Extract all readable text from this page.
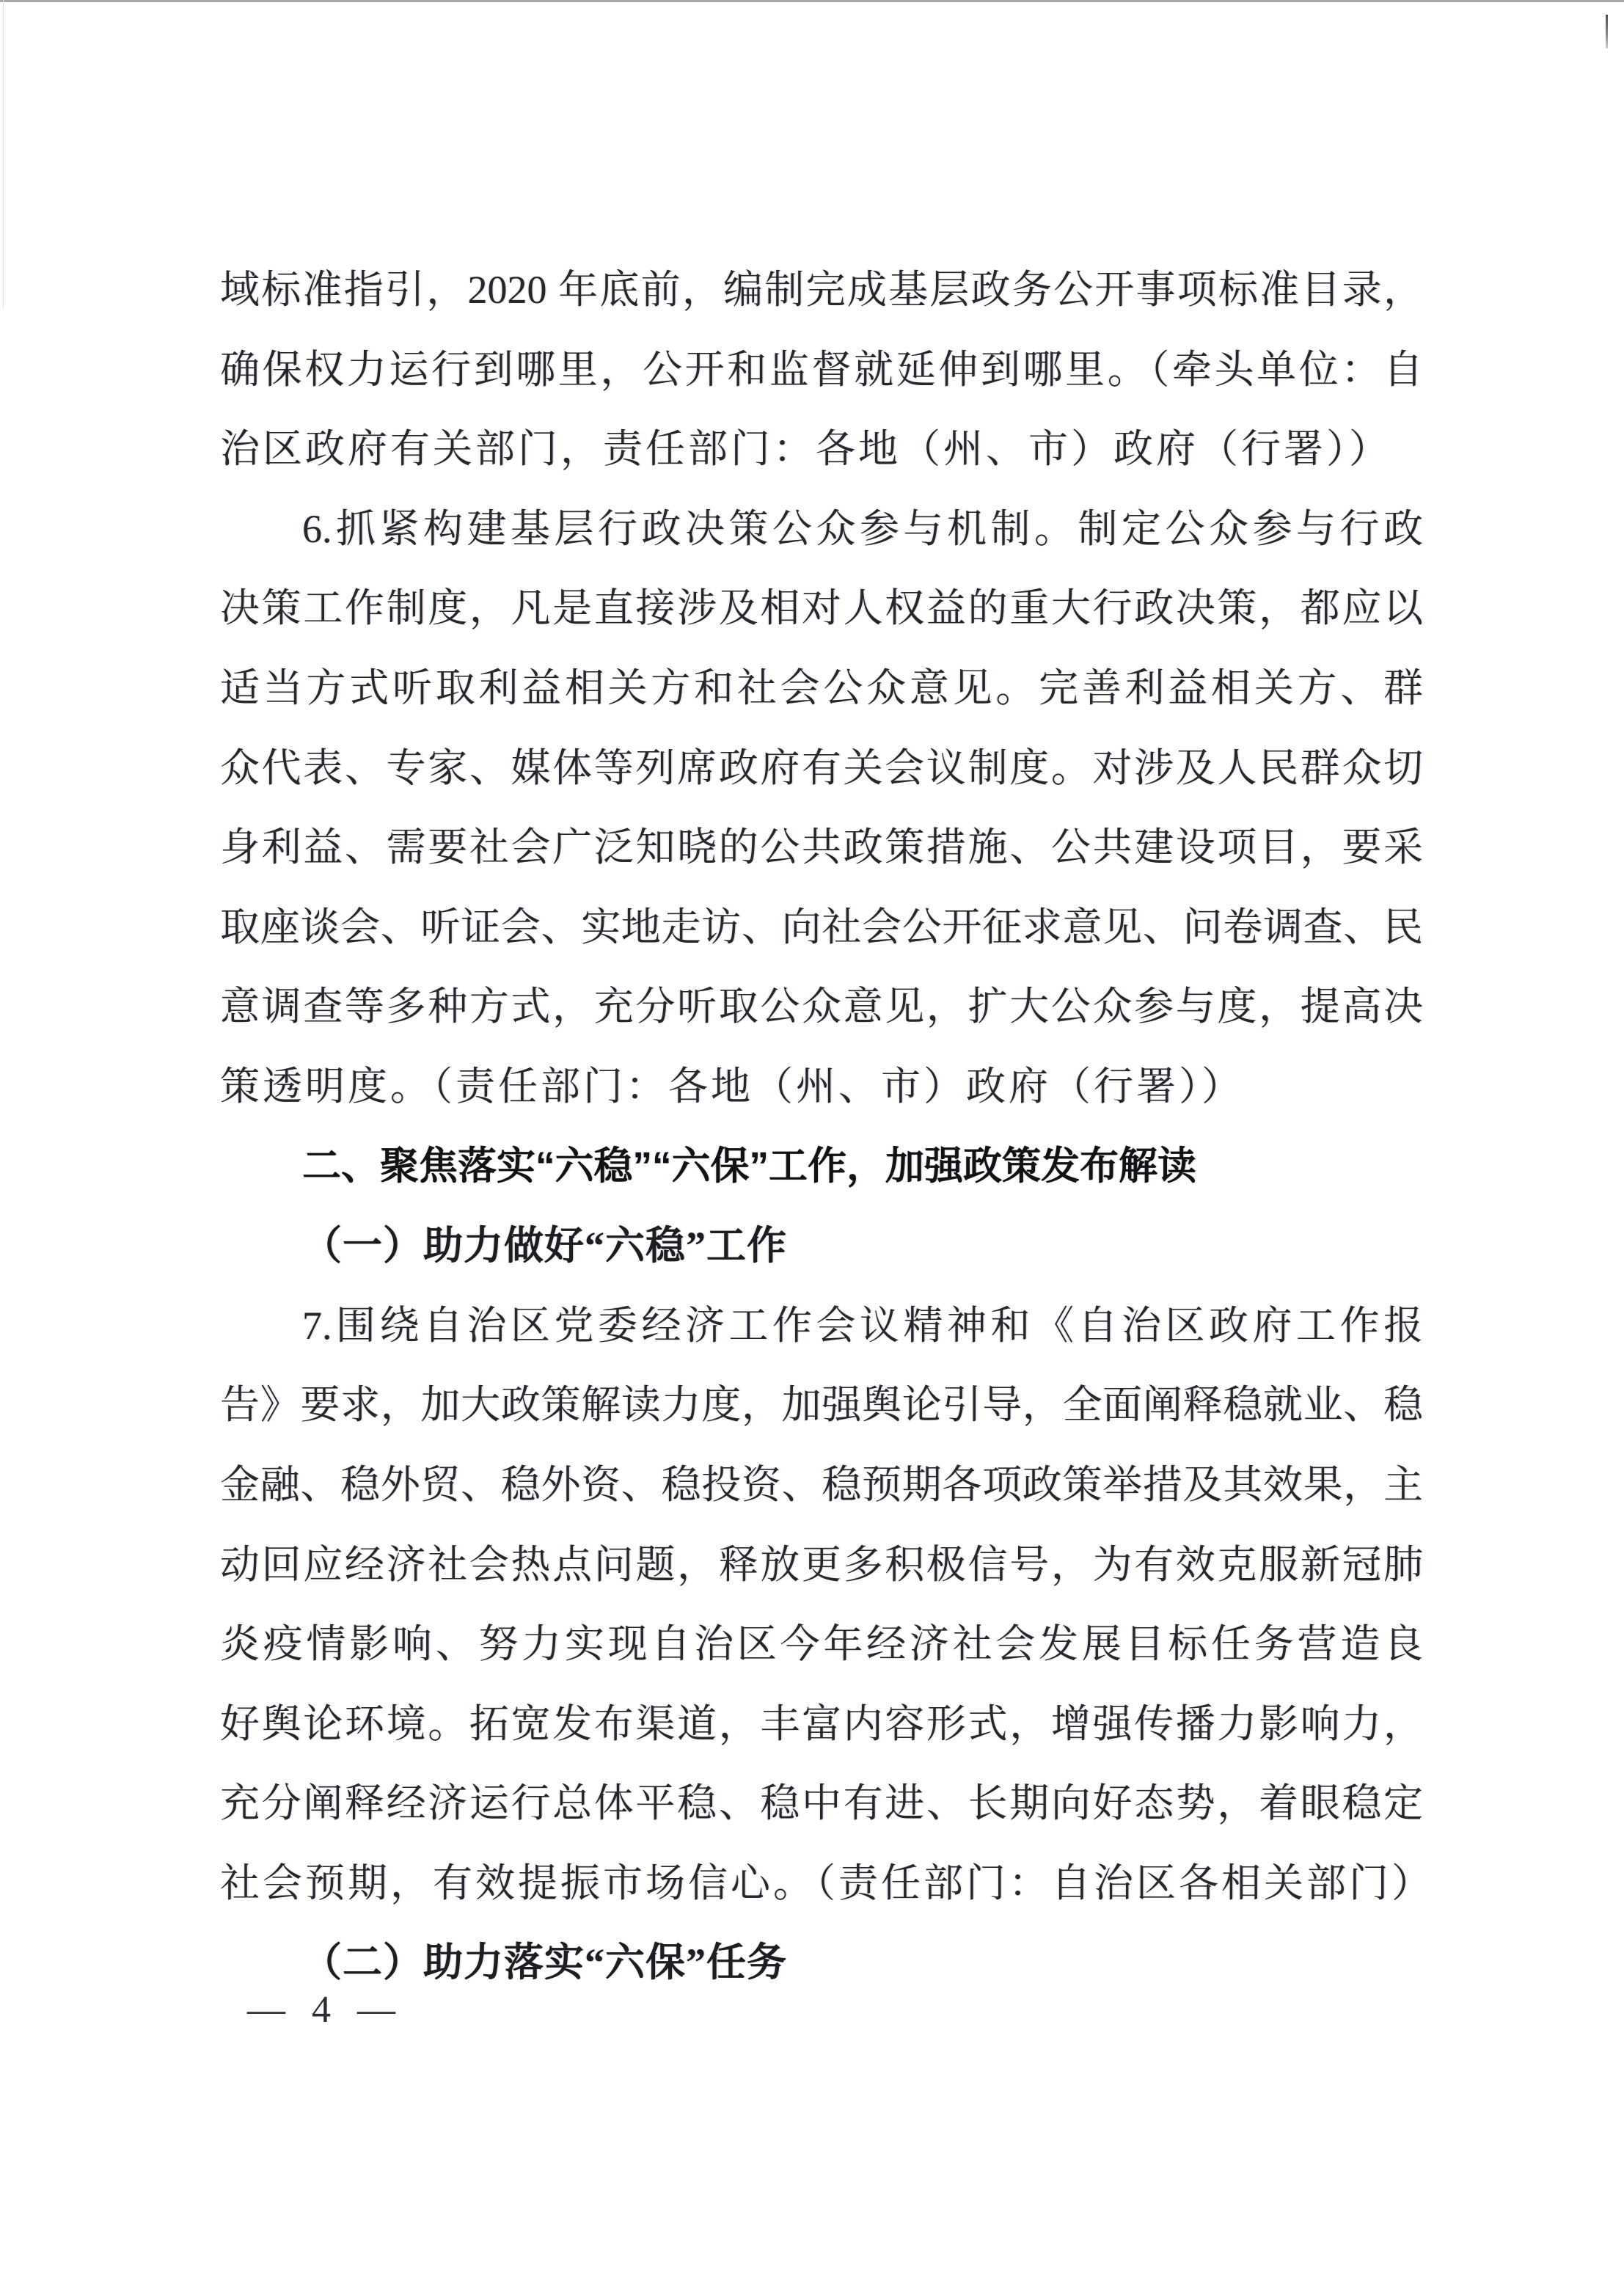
域标准指引，2020 年底前，编制完成基层政务公开事项标准目录，
确保权力运行到哪里，公开和监督就延伸到哪里。（牵头单位：自
治区政府有关部门，责任部门：各地（州、市）政府（行署））
6.抓紧构建基层行政决策公众参与机制。制定公众参与行政
决策工作制度，凡是直接涉及相对人权益的重大行政决策，都应以
适当方式听取利益相关方和社会公众意见。完善利益相关方、群
众代表、专家、媒体等列席政府有关会议制度。对涉及人民群众切
身利益、需要社会广泛知晓的公共政策措施、公共建设项目，要采
取座谈会、听证会、实地走访、向社会公开征求意见、问卷调查、民
意调查等多种方式，充分听取公众意见，扩大公众参与度，提高决
策透明度。（责任部门：各地（州、市）政府（行署））
二、聚焦落实“六稳”“六保”工作，加强政策发布解读
（一）助力做好“六稳”工作
7.围绕自治区党委经济工作会议精神和《自治区政府工作报
告》要求，加大政策解读力度，加强舆论引导，全面阐释稳就业、稳
金融、稳外贸、稳外资、稳投资、稳预期各项政策举措及其效果，主
动回应经济社会热点问题，释放更多积极信号，为有效克服新冠肺
炎疫情影响、努力实现自治区今年经济社会发展目标任务营造良
好舆论环境。拓宽发布渠道，丰富内容形式，增强传播力影响力，
充分阐释经济运行总体平稳、稳中有进、长期向好态势，着眼稳定
社会预期，有效提振市场信心。（责任部门：自治区各相关部门）
（二）助力落实“六保”任务
— 4 —
